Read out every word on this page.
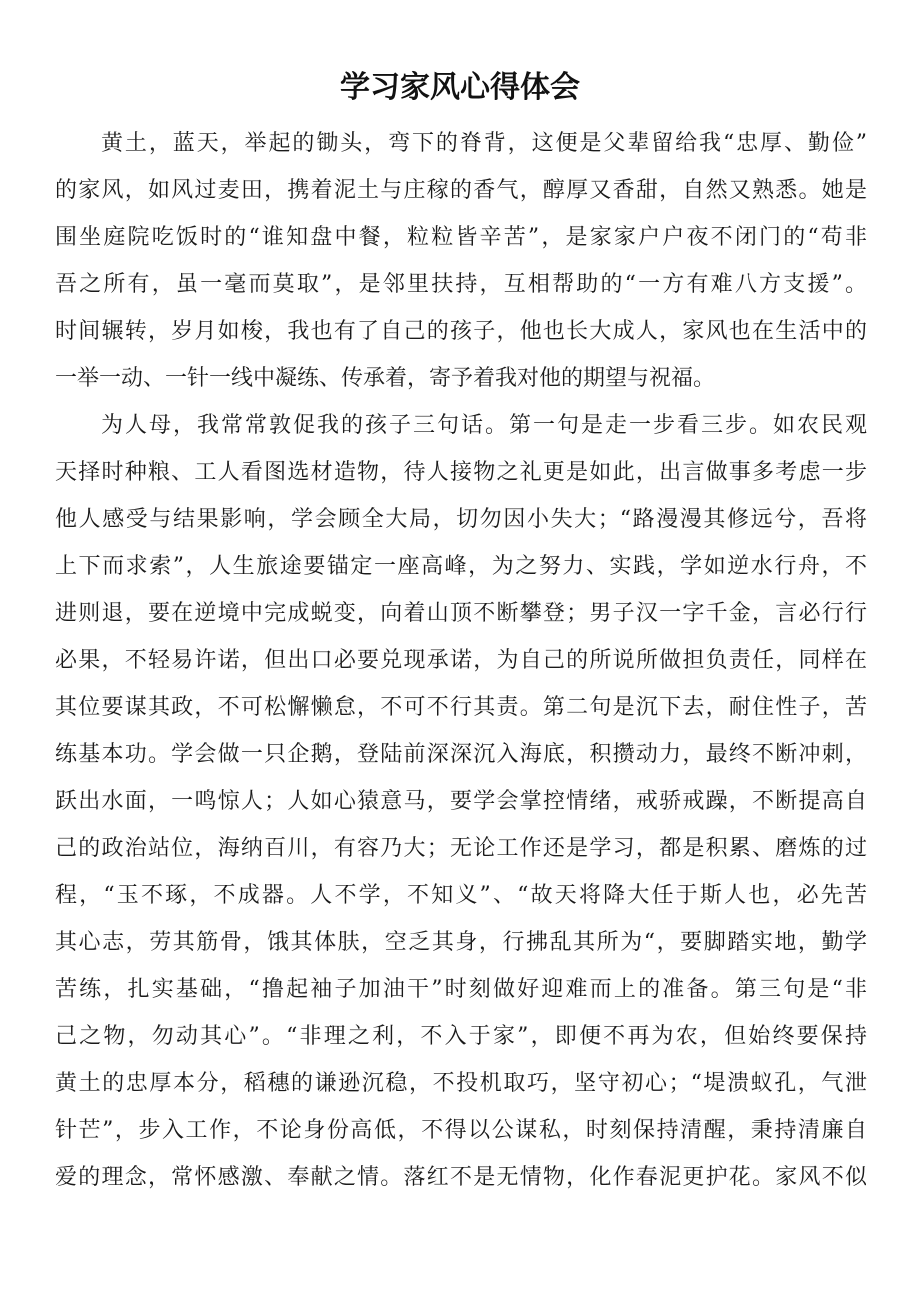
学习家风心得体会
黄土，蓝天，举起的锄头，弯下的脊背，这便是父辈留给我“忠厚、勤俭”
的家风，如风过麦田，携着泥土与庄稼的香气，醇厚又香甜，自然又熟悉。她是
围坐庭院吃饭时的“谁知盘中餐，粒粒皆辛苦”，是家家户户夜不闭门的“苟非
吾之所有，虽一毫而莫取”，是邻里扶持，互相帮助的“一方有难八方支援”。
时间辗转，岁月如梭，我也有了自己的孩子，他也长大成人，家风也在生活中的
一举一动、一针一线中凝练、传承着，寄予着我对他的期望与祝福。
为人母，我常常敦促我的孩子三句话。第一句是走一步看三步。如农民观
天择时种粮、工人看图选材造物，待人接物之礼更是如此，出言做事多考虑一步
他人感受与结果影响，学会顾全大局，切勿因小失大；“路漫漫其修远兮，吾将
上下而求索”，人生旅途要锚定一座高峰，为之努力、实践，学如逆水行舟，不
进则退，要在逆境中完成蜕变，向着山顶不断攀登；男子汉一字千金，言必行行
必果，不轻易许诺，但出口必要兑现承诺，为自己的所说所做担负责任，同样在
其位要谋其政，不可松懈懒怠，不可不行其责。第二句是沉下去，耐住性子，苦
练基本功。学会做一只企鹅，登陆前深深沉入海底，积攒动力，最终不断冲刺，
跃出水面，一鸣惊人；人如心猿意马，要学会掌控情绪，戒骄戒躁，不断提高自
己的政治站位，海纳百川，有容乃大；无论工作还是学习，都是积累、磨炼的过
程，“玉不琢，不成器。人不学，不知义”、“故天将降大任于斯人也，必先苦
其心志，劳其筋骨，饿其体肤，空乏其身，行拂乱其所为“，要脚踏实地，勤学
苦练，扎实基础，“撸起袖子加油干”时刻做好迎难而上的准备。第三句是“非
己之物，勿动其心”。“非理之利，不入于家”，即便不再为农，但始终要保持
黄土的忠厚本分，稻穗的谦逊沉稳，不投机取巧，坚守初心；“堤溃蚁孔，气泄
针芒”，步入工作，不论身份高低，不得以公谋私，时刻保持清醒，秉持清廉自
爱的理念，常怀感激、奉献之情。落红不是无情物，化作春泥更护花。家风不似
